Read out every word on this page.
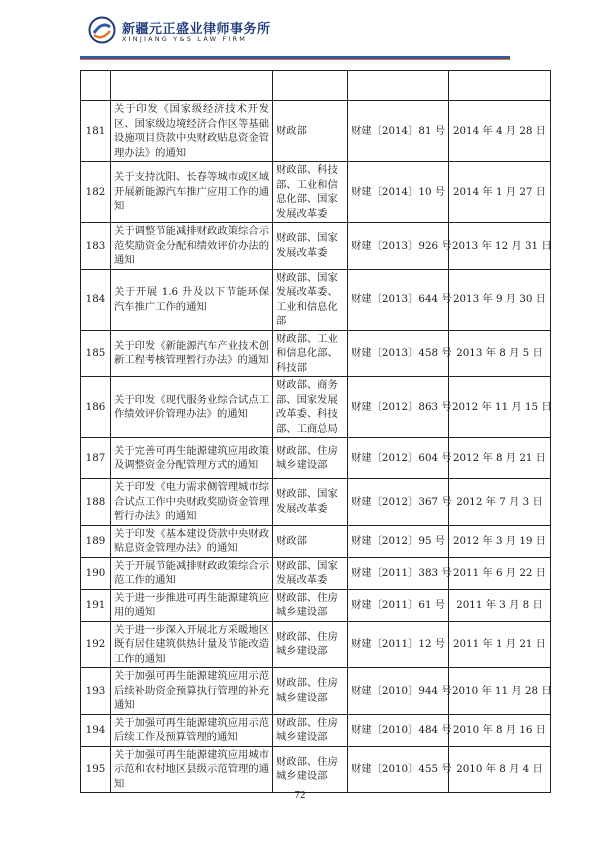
新疆元正盛业律师事务所
XINJIANG Y&S LAW FIRM

181	关于印发《国家级经济技术开发区、国家级边境经济合作区等基础设施项目贷款中央财政贴息资金管理办法》的通知	财政部	财建〔2014〕81 号	2014 年 4 月 28 日
182	关于支持沈阳、长春等城市或区域开展新能源汽车推广应用工作的通知	财政部、科技部、工业和信息化部、国家发展改革委	财建〔2014〕10 号	2014 年 1 月 27 日
183	关于调整节能减排财政政策综合示范奖励资金分配和绩效评价办法的通知	财政部、国家发展改革委	财建〔2013〕926 号	2013 年 12 月 31 日
184	关于开展 1.6 升及以下节能环保汽车推广工作的通知	财政部、国家发展改革委、工业和信息化部	财建〔2013〕644 号	2013 年 9 月 30 日
185	关于印发《新能源汽车产业技术创新工程考核管理暂行办法》的通知	财政部、工业和信息化部、科技部	财建〔2013〕458 号	2013 年 8 月 5 日
186	关于印发《现代服务业综合试点工作绩效评价管理办法》的通知	财政部、商务部、国家发展改革委、科技部、工商总局	财建〔2012〕863 号	2012 年 11 月 15 日
187	关于完善可再生能源建筑应用政策及调整资金分配管理方式的通知	财政部、住房城乡建设部	财建〔2012〕604 号	2012 年 8 月 21 日
188	关于印发《电力需求侧管理城市综合试点工作中央财政奖励资金管理暂行办法》的通知	财政部、国家发展改革委	财建〔2012〕367 号	2012 年 7 月 3 日
189	关于印发《基本建设贷款中央财政贴息资金管理办法》的通知	财政部	财建〔2012〕95 号	2012 年 3 月 19 日
190	关于开展节能减排财政政策综合示范工作的通知	财政部、国家发展改革委	财建〔2011〕383 号	2011 年 6 月 22 日
191	关于进一步推进可再生能源建筑应用的通知	财政部、住房城乡建设部	财建〔2011〕61 号	2011 年 3 月 8 日
192	关于进一步深入开展北方采暖地区既有居住建筑供热计量及节能改造工作的通知	财政部、住房城乡建设部	财建〔2011〕12 号	2011 年 1 月 21 日
193	关于加强可再生能源建筑应用示范后续补助资金预算执行管理的补充通知	财政部、住房城乡建设部	财建〔2010〕944 号	2010 年 11 月 28 日
194	关于加强可再生能源建筑应用示范后续工作及预算管理的通知	财政部、住房城乡建设部	财建〔2010〕484 号	2010 年 8 月 16 日
195	关于加强可再生能源建筑应用城市示范和农村地区县级示范管理的通知	财政部、住房城乡建设部	财建〔2010〕455 号	2010 年 8 月 4 日
72
